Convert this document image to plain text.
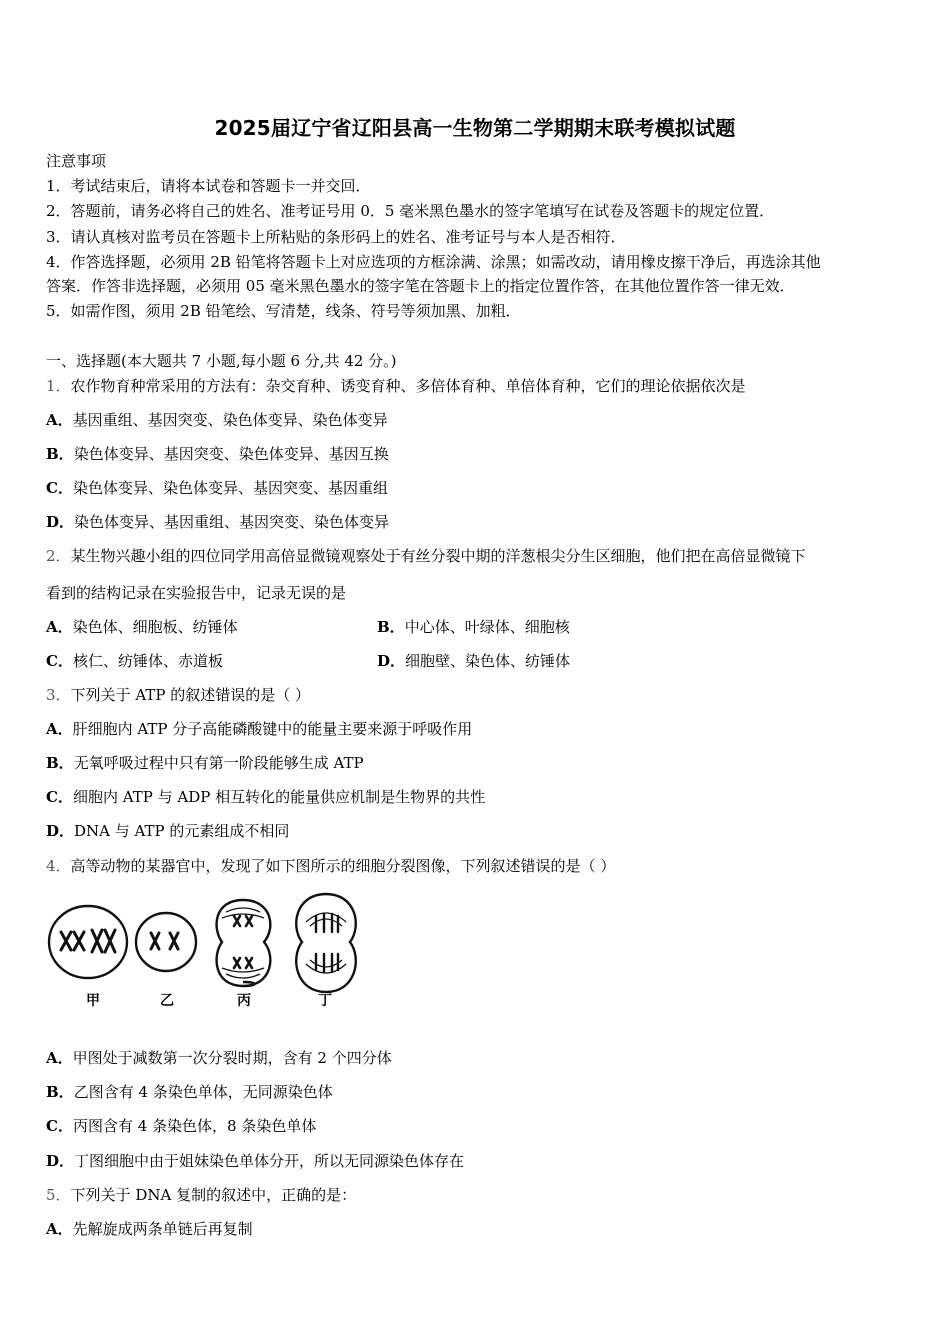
2025届辽宁省辽阳县高一生物第二学期期末联考模拟试题
注意事项
1．考试结束后，请将本试卷和答题卡一并交回．
2．答题前，请务必将自己的姓名、准考证号用 0．5 毫米黑色墨水的签字笔填写在试卷及答题卡的规定位置．
3．请认真核对监考员在答题卡上所粘贴的条形码上的姓名、准考证号与本人是否相符．
4．作答选择题，必须用 2B 铅笔将答题卡上对应选项的方框涂满、涂黑；如需改动，请用橡皮擦干净后，再选涂其他
答案．作答非选择题，必须用 05 毫米黑色墨水的签字笔在答题卡上的指定位置作答，在其他位置作答一律无效．
5．如需作图，须用 2B 铅笔绘、写清楚，线条、符号等须加黑、加粗．
一、选择题(本大题共 7 小题,每小题 6 分,共 42 分。)
1．农作物育种常采用的方法有：杂交育种、诱变育种、多倍体育种、单倍体育种，它们的理论依据依次是
A．基因重组、基因突变、染色体变异、染色体变异
B．染色体变异、基因突变、染色体变异、基因互换
C．染色体变异、染色体变异、基因突变、基因重组
D．染色体变异、基因重组、基因突变、染色体变异
2．某生物兴趣小组的四位同学用高倍显微镜观察处于有丝分裂中期的洋葱根尖分生区细胞，他们把在高倍显微镜下
看到的结构记录在实验报告中，记录无误的是
A．染色体、细胞板、纺锤体	B．中心体、叶绿体、细胞核
C．核仁、纺锤体、赤道板	D．细胞壁、染色体、纺锤体
3．下列关于 ATP 的叙述错误的是（ ）
A．肝细胞内 ATP 分子高能磷酸键中的能量主要来源于呼吸作用
B．无氧呼吸过程中只有第一阶段能够生成 ATP
C．细胞内 ATP 与 ADP 相互转化的能量供应机制是生物界的共性
D．DNA 与 ATP 的元素组成不相同
4．高等动物的某器官中，发现了如下图所示的细胞分裂图像，下列叙述错误的是（ ）
甲	乙	丙	丁
A．甲图处于减数第一次分裂时期，含有 2 个四分体
B．乙图含有 4 条染色单体，无同源染色体
C．丙图含有 4 条染色体，8 条染色单体
D．丁图细胞中由于姐妹染色单体分开，所以无同源染色体存在
5．下列关于 DNA 复制的叙述中，正确的是：
A．先解旋成两条单链后再复制
